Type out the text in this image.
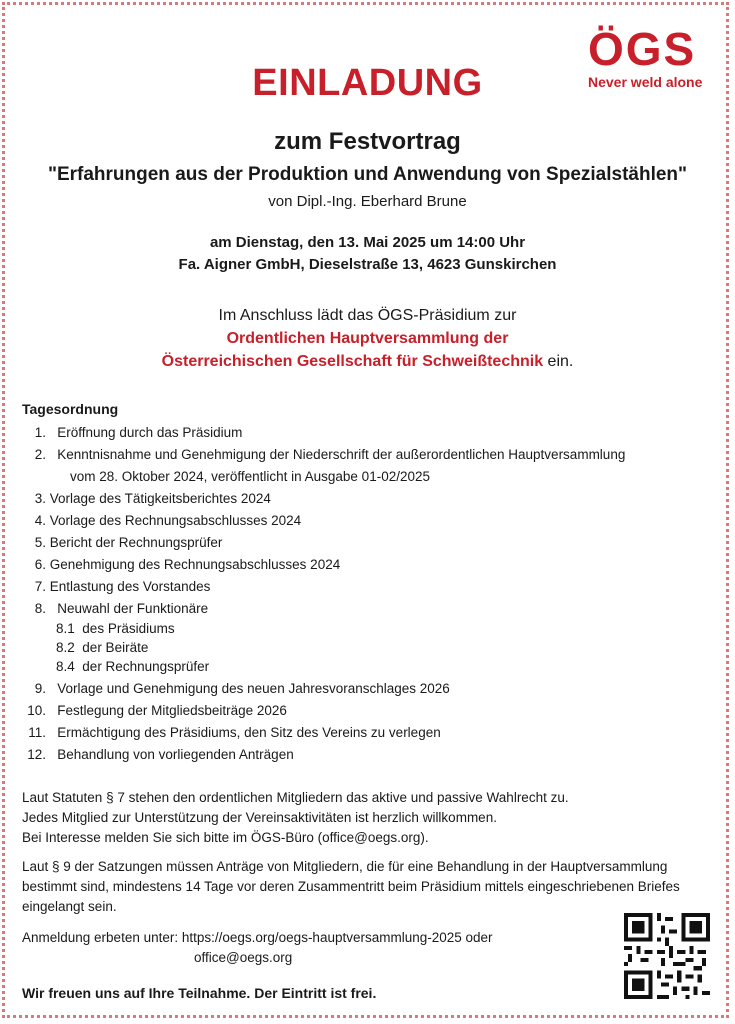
ÖGS
Never weld alone
EINLADUNG
zum Festvortrag
"Erfahrungen aus der Produktion und Anwendung von Spezialstählen"
von Dipl.-Ing. Eberhard Brune
am Dienstag, den 13. Mai 2025 um 14:00 Uhr
Fa. Aigner GmbH, Dieselstraße 13, 4623 Gunskirchen
Im Anschluss lädt das ÖGS-Präsidium zur
Ordentlichen Hauptversammlung der
Österreichischen Gesellschaft für Schweißtechnik ein.
Tagesordnung
1. Eröffnung durch das Präsidium
2. Kenntnisnahme und Genehmigung der Niederschrift der außerordentlichen Hauptversammlung
vom 28. Oktober 2024, veröffentlicht in Ausgabe 01-02/2025
3. Vorlage des Tätigkeitsberichtes 2024
4. Vorlage des Rechnungsabschlusses 2024
5. Bericht der Rechnungsprüfer
6. Genehmigung des Rechnungsabschlusses 2024
7. Entlastung des Vorstandes
8. Neuwahl der Funktionäre
8.1 des Präsidiums
8.2 der Beiräte
8.4 der Rechnungsprüfer
9. Vorlage und Genehmigung des neuen Jahresvoranschlages 2026
10. Festlegung der Mitgliedsbeiträge 2026
11. Ermächtigung des Präsidiums, den Sitz des Vereins zu verlegen
12. Behandlung von vorliegenden Anträgen
Laut Statuten § 7 stehen den ordentlichen Mitgliedern das aktive und passive Wahlrecht zu.
Jedes Mitglied zur Unterstützung der Vereinsaktivitäten ist herzlich willkommen.
Bei Interesse melden Sie sich bitte im ÖGS-Büro (office@oegs.org).
Laut § 9 der Satzungen müssen Anträge von Mitgliedern, die für eine Behandlung in der Hauptversammlung
bestimmt sind, mindestens 14 Tage vor deren Zusammentritt beim Präsidium mittels eingeschriebenen Briefes
eingelangt sein.
Anmeldung erbeten unter: https://oegs.org/oegs-hauptversammlung-2025 oder
office@oegs.org
Wir freuen uns auf Ihre Teilnahme. Der Eintritt ist frei.
